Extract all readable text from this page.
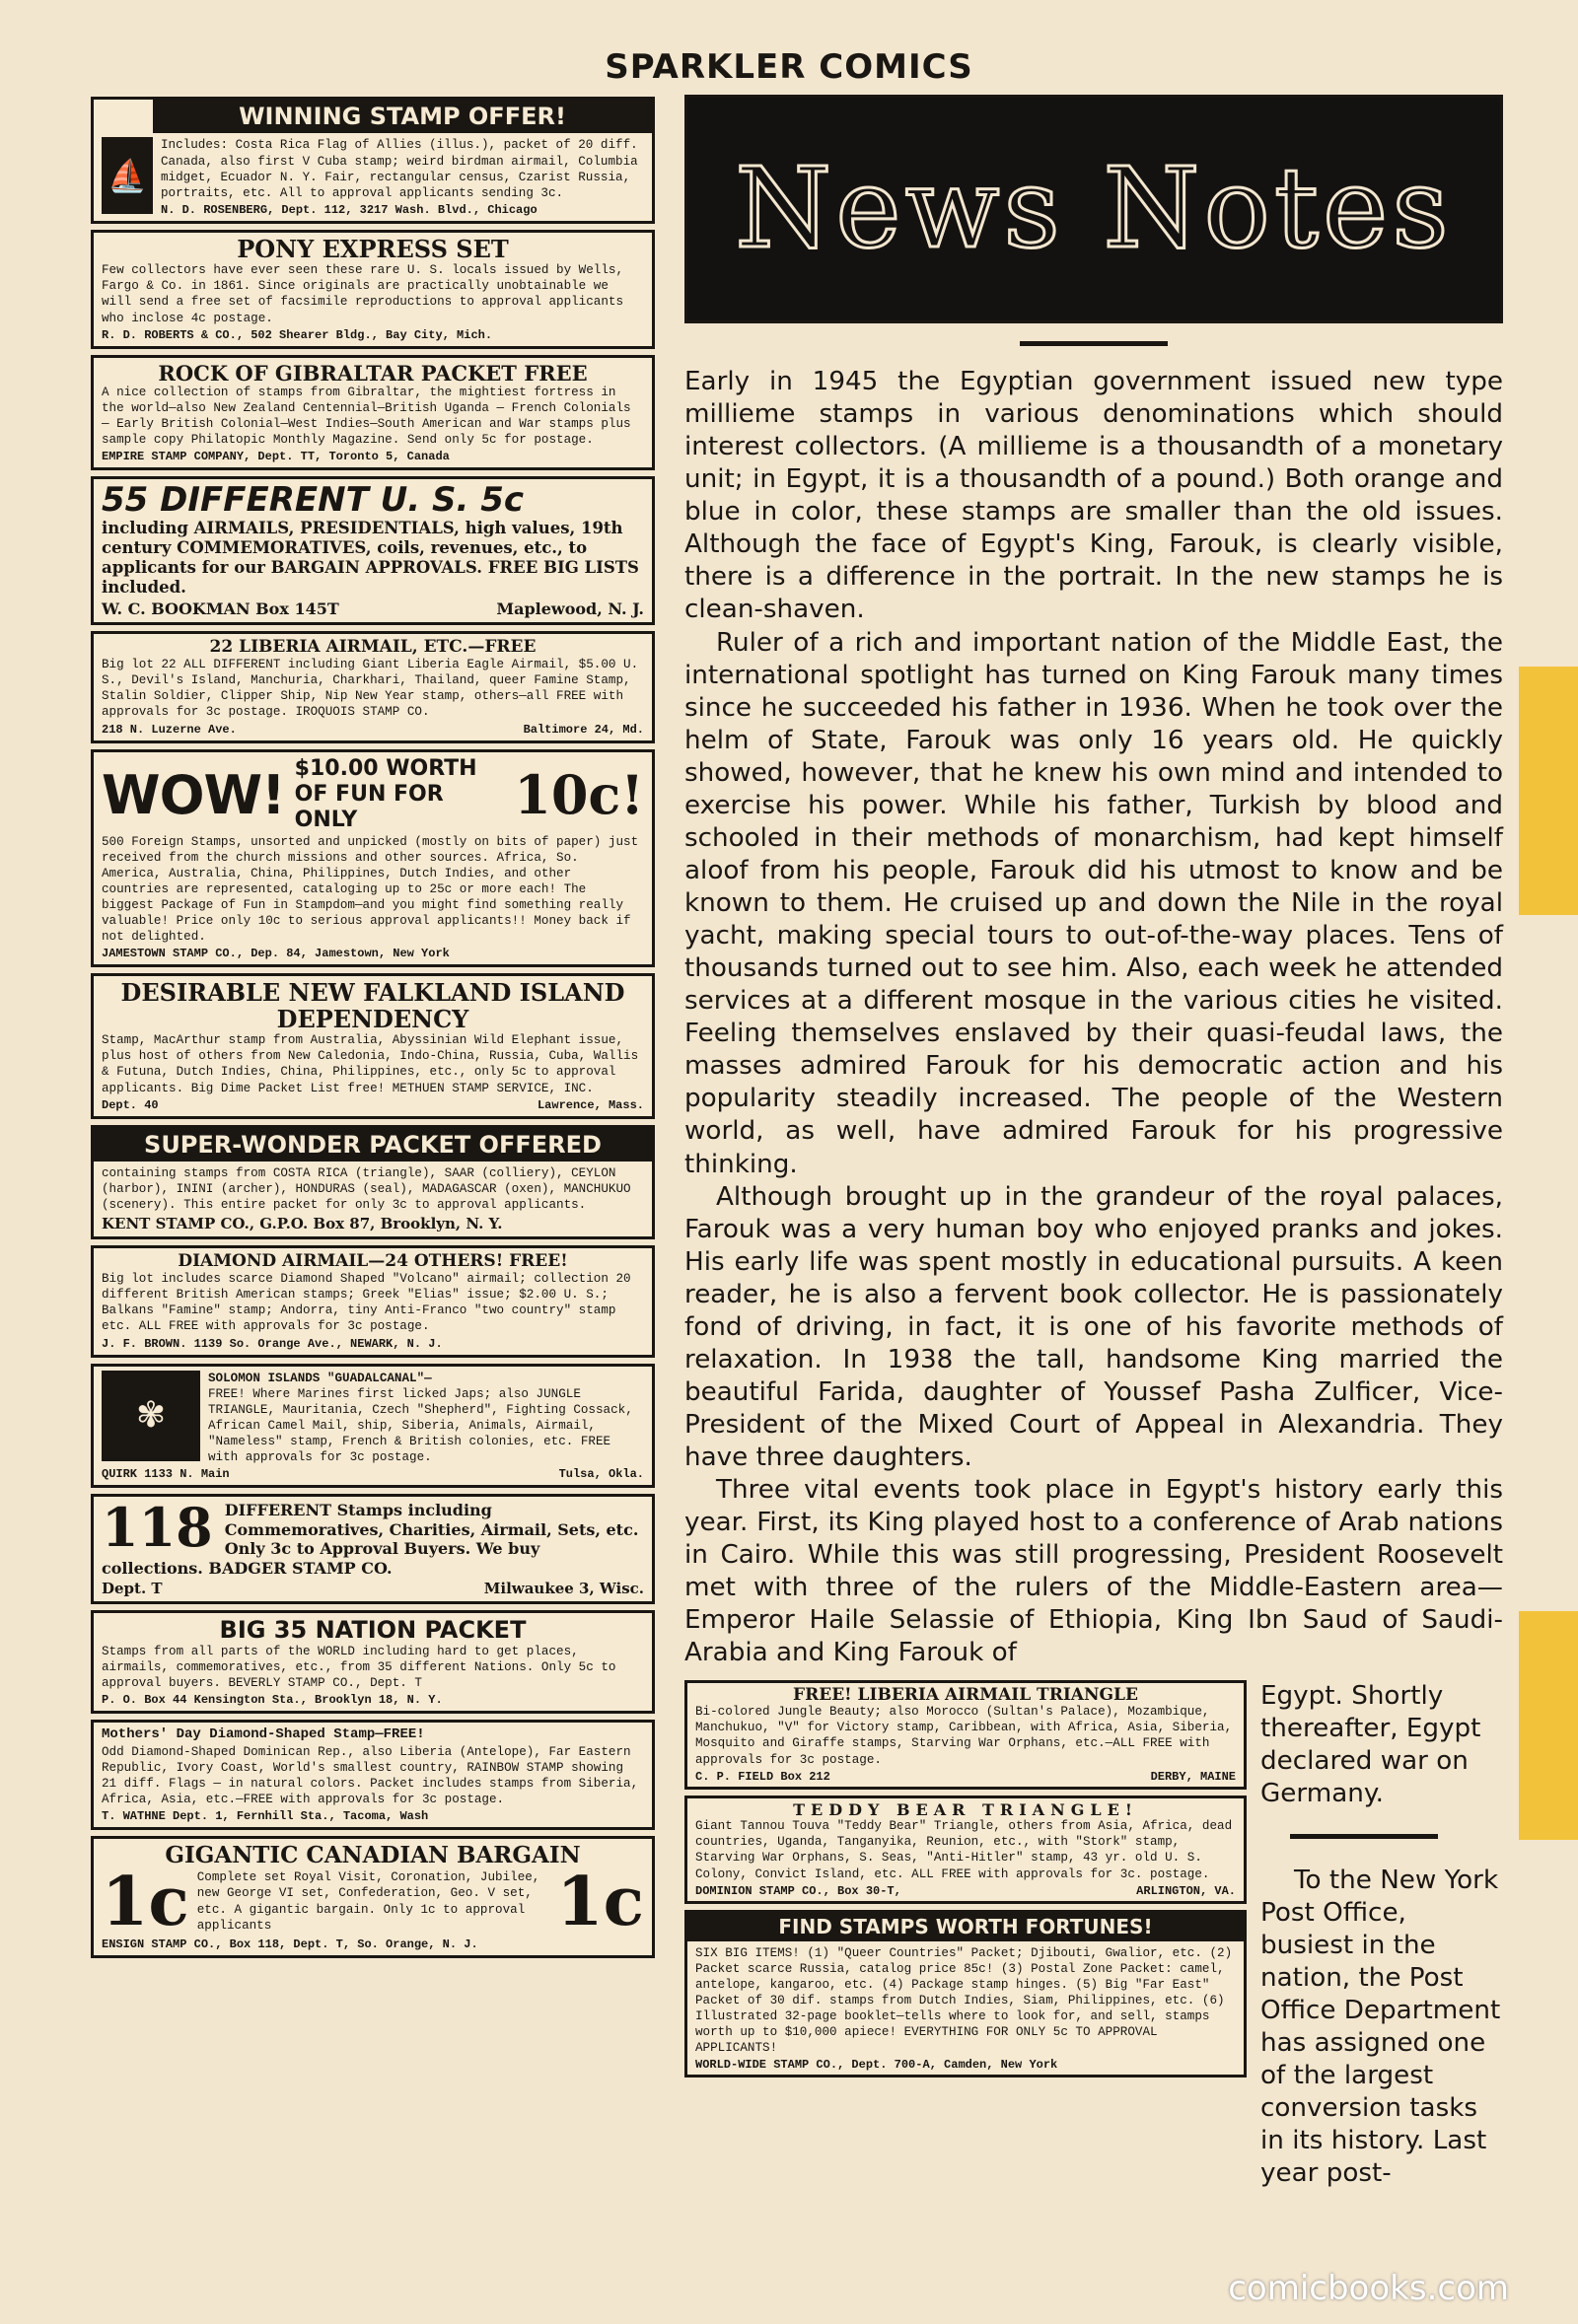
SPARKLER COMICS
WINNING STAMP OFFER!
⛵
Includes: Costa Rica Flag of Allies (illus.), packet of 20 diff. Canada, also first V Cuba stamp; weird birdman airmail, Columbia midget, Ecuador N. Y. Fair, rectangular census, Czarist Russia, portraits, etc. All to approval applicants sending 3c.
N. D. ROSENBERG, Dept. 112, 3217 Wash. Blvd., Chicago
PONY EXPRESS SET
Few collectors have ever seen these rare U. S. locals issued by Wells, Fargo & Co. in 1861. Since originals are practically unobtainable we will send a free set of facsimile reproductions to approval applicants who inclose 4c postage.
R. D. ROBERTS & CO., 502 Shearer Bldg., Bay City, Mich.
ROCK OF GIBRALTAR PACKET FREE
A nice collection of stamps from Gibraltar, the mightiest fortress in the world—also New Zealand Centennial—British Uganda — French Colonials — Early British Colonial—West Indies—South American and War stamps plus sample copy Philatopic Monthly Magazine. Send only 5c for postage.
EMPIRE STAMP COMPANY, Dept. TT, Toronto 5, Canada
55 DIFFERENT U. S. 5c
including AIRMAILS, PRESIDENTIALS, high values, 19th century COMMEMORATIVES, coils, revenues, etc., to applicants for our BARGAIN APPROVALS. FREE BIG LISTS included.
W. C. BOOKMAN Box 145T	Maplewood, N. J.
22 LIBERIA AIRMAIL, ETC.—FREE
Big lot 22 ALL DIFFERENT including Giant Liberia Eagle Airmail, $5.00 U. S., Devil's Island, Manchuria, Charkhari, Thailand, queer Famine Stamp, Stalin Soldier, Clipper Ship, Nip New Year stamp, others—all FREE with approvals for 3c postage. IROQUOIS STAMP CO.
218 N. Luzerne Ave.	Baltimore 24, Md.
WOW! $10.00 WORTH OF FUN FOR ONLY	10c!
500 Foreign Stamps, unsorted and unpicked (mostly on bits of paper) just received from the church missions and other sources. Africa, So. America, Australia, China, Philippines, Dutch Indies, and other countries are represented, cataloging up to 25c or more each! The biggest Package of Fun in Stampdom—and you might find something really valuable! Price only 10c to serious approval applicants!! Money back if not delighted.
JAMESTOWN STAMP CO., Dep. 84, Jamestown, New York
DESIRABLE NEW FALKLAND ISLAND DEPENDENCY
Stamp, MacArthur stamp from Australia, Abyssinian Wild Elephant issue, plus host of others from New Caledonia, Indo-China, Russia, Cuba, Wallis & Futuna, Dutch Indies, China, Philippines, etc., only 5c to approval applicants. Big Dime Packet List free! METHUEN STAMP SERVICE, INC.
Dept. 40	Lawrence, Mass.
SUPER-WONDER PACKET OFFERED
containing stamps from COSTA RICA (triangle), SAAR (colliery), CEYLON (harbor), ININI (archer), HONDURAS (seal), MADAGASCAR (oxen), MANCHUKUO (scenery). This entire packet for only 3c to approval applicants.
KENT STAMP CO., G.P.O. Box 87, Brooklyn, N. Y.
DIAMOND AIRMAIL—24 OTHERS! FREE!
Big lot includes scarce Diamond Shaped "Volcano" airmail; collection 20 different British American stamps; Greek "Elias" issue; $2.00 U. S.; Balkans "Famine" stamp; Andorra, tiny Anti-Franco "two country" stamp etc. ALL FREE with approvals for 3c postage.
J. F. BROWN. 1139 So. Orange Ave., NEWARK, N. J.
✾
SOLOMON ISLANDS "GUADALCANAL"—
FREE! Where Marines first licked Japs; also JUNGLE TRIANGLE, Mauritania, Czech "Shepherd", Fighting Cossack, African Camel Mail, ship, Siberia, Animals, Airmail, "Nameless" stamp, French & British colonies, etc. FREE with approvals for 3c postage.
QUIRK 1133 N. Main	Tulsa, Okla.
118 DIFFERENT Stamps including Commemoratives, Charities, Airmail, Sets, etc. Only 3c to Approval Buyers. We buy collections. BADGER STAMP CO.
Dept. T	Milwaukee 3, Wisc.
BIG 35 NATION PACKET
Stamps from all parts of the WORLD including hard to get places, airmails, commemoratives, etc., from 35 different Nations. Only 5c to approval buyers. BEVERLY STAMP CO., Dept. T
P. O. Box 44 Kensington Sta., Brooklyn 18, N. Y.
Mothers' Day Diamond-Shaped Stamp—FREE!
Odd Diamond-Shaped Dominican Rep., also Liberia (Antelope), Far Eastern Republic, Ivory Coast, World's smallest country, RAINBOW STAMP showing 21 diff. Flags — in natural colors. Packet includes stamps from Siberia, Africa, Asia, etc.—FREE with approvals for 3c postage.
T. WATHNE Dept. 1, Fernhill Sta., Tacoma, Wash
GIGANTIC CANADIAN BARGAIN
1c Complete set Royal Visit, Coronation, Jubilee, new George VI set, Confederation, Geo. V set, etc. A gigantic bargain. Only 1c to approval applicants	1c
ENSIGN STAMP CO., Box 118, Dept. T, So. Orange, N. J.
News Notes

Early in 1945 the Egyptian government issued new type millieme stamps in various denominations which should interest collectors. (A millieme is a thousandth of a monetary unit; in Egypt, it is a thousandth of a pound.) Both orange and blue in color, these stamps are smaller than the old issues. Although the face of Egypt's King, Farouk, is clearly visible, there is a difference in the portrait. In the new stamps he is clean-shaven.

Ruler of a rich and important nation of the Middle East, the international spotlight has turned on King Farouk many times since he succeeded his father in 1936. When he took over the helm of State, Farouk was only 16 years old. He quickly showed, however, that he knew his own mind and intended to exercise his power. While his father, Turkish by blood and schooled in their methods of monarchism, had kept himself aloof from his people, Farouk did his utmost to know and be known to them. He cruised up and down the Nile in the royal yacht, making special tours to out-of-the-way places. Tens of thousands turned out to see him. Also, each week he attended services at a different mosque in the various cities he visited. Feeling themselves enslaved by their quasi-feudal laws, the masses admired Farouk for his democratic action and his popularity steadily increased. The people of the Western world, as well, have admired Farouk for his progressive thinking.

Although brought up in the grandeur of the royal palaces, Farouk was a very human boy who enjoyed pranks and jokes. His early life was spent mostly in educational pursuits. A keen reader, he is also a fervent book collector. He is passionately fond of driving, in fact, it is one of his favorite methods of relaxation. In 1938 the tall, handsome King married the beautiful Farida, daughter of Youssef Pasha Zulficer, Vice-President of the Mixed Court of Appeal in Alexandria. They have three daughters.

Three vital events took place in Egypt's history early this year. First, its King played host to a conference of Arab nations in Cairo. While this was still progressing, President Roosevelt met with three of the rulers of the Middle-Eastern area—Emperor Haile Selassie of Ethiopia, King Ibn Saud of Saudi-Arabia and King Farouk of

FREE! LIBERIA AIRMAIL TRIANGLE
Bi-colored Jungle Beauty; also Morocco (Sultan's Palace), Mozambique, Manchukuo, "V" for Victory stamp, Caribbean, with Africa, Asia, Siberia, Mosquito and Giraffe stamps, Starving War Orphans, etc.—ALL FREE with approvals for 3c postage.
C. P. FIELD Box 212	DERBY, MAINE
TEDDY BEAR TRIANGLE!
Giant Tannou Touva "Teddy Bear" Triangle, others from Asia, Africa, dead countries, Uganda, Tanganyika, Reunion, etc., with "Stork" stamp, Starving War Orphans, S. Seas, "Anti-Hitler" stamp, 43 yr. old U. S. Colony, Convict Island, etc. ALL FREE with approvals for 3c. postage.
DOMINION STAMP CO., Box 30-T,	ARLINGTON, VA.
FIND STAMPS WORTH FORTUNES!
SIX BIG ITEMS! (1) "Queer Countries" Packet; Djibouti, Gwalior, etc. (2) Packet scarce Russia, catalog price 85c! (3) Postal Zone Packet: camel, antelope, kangaroo, etc. (4) Package stamp hinges. (5) Big "Far East" Packet of 30 dif. stamps from Dutch Indies, Siam, Philippines, etc. (6) Illustrated 32-page booklet—tells where to look for, and sell, stamps worth up to $10,000 apiece! EVERYTHING FOR ONLY 5c TO APPROVAL APPLICANTS!
WORLD-WIDE STAMP CO., Dept. 700-A, Camden, New York

Egypt. Shortly thereafter, Egypt declared war on Germany.

To the New York Post Office, busiest in the nation, the Post Office Department has assigned one of the largest conversion tasks in its history. Last year post-

comicbooks.com
